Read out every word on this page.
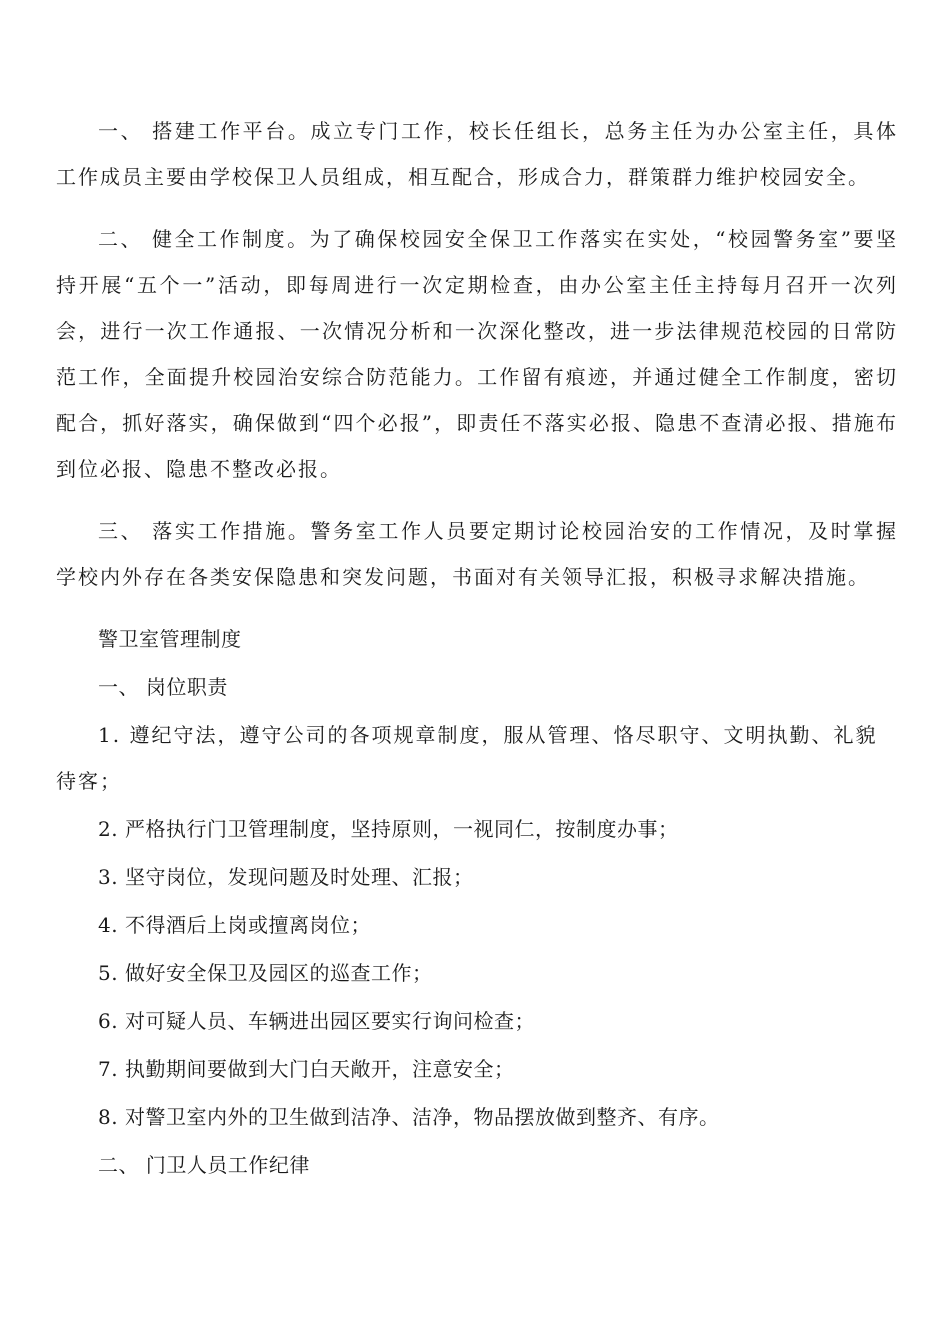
一、 搭建工作平台。成立专门工作，校长任组长，总务主任为办公室主任，具体工作成员主要由学校保卫人员组成，相互配合，形成合力，群策群力维护校园安全。

二、 健全工作制度。为了确保校园安全保卫工作落实在实处，“校园警务室”要坚持开展“五个一”活动，即每周进行一次定期检查，由办公室主任主持每月召开一次列会，进行一次工作通报、一次情况分析和一次深化整改，进一步法律规范校园的日常防范工作，全面提升校园治安综合防范能力。工作留有痕迹，并通过健全工作制度，密切配合，抓好落实，确保做到“四个必报”，即责任不落实必报、隐患不查清必报、措施布到位必报、隐患不整改必报。

三、 落实工作措施。警务室工作人员要定期讨论校园治安的工作情况，及时掌握学校内外存在各类安保隐患和突发问题，书面对有关领导汇报，积极寻求解决措施。

警卫室管理制度

一、 岗位职责

1. 遵纪守法，遵守公司的各项规章制度，服从管理、恪尽职守、文明执勤、礼貌待客；

2. 严格执行门卫管理制度，坚持原则，一视同仁，按制度办事；

3. 坚守岗位，发现问题及时处理、汇报；

4. 不得酒后上岗或擅离岗位；

5. 做好安全保卫及园区的巡查工作；

6. 对可疑人员、车辆进出园区要实行询问检查；

7. 执勤期间要做到大门白天敞开，注意安全；

8. 对警卫室内外的卫生做到洁净、洁净，物品摆放做到整齐、有序。

二、 门卫人员工作纪律
